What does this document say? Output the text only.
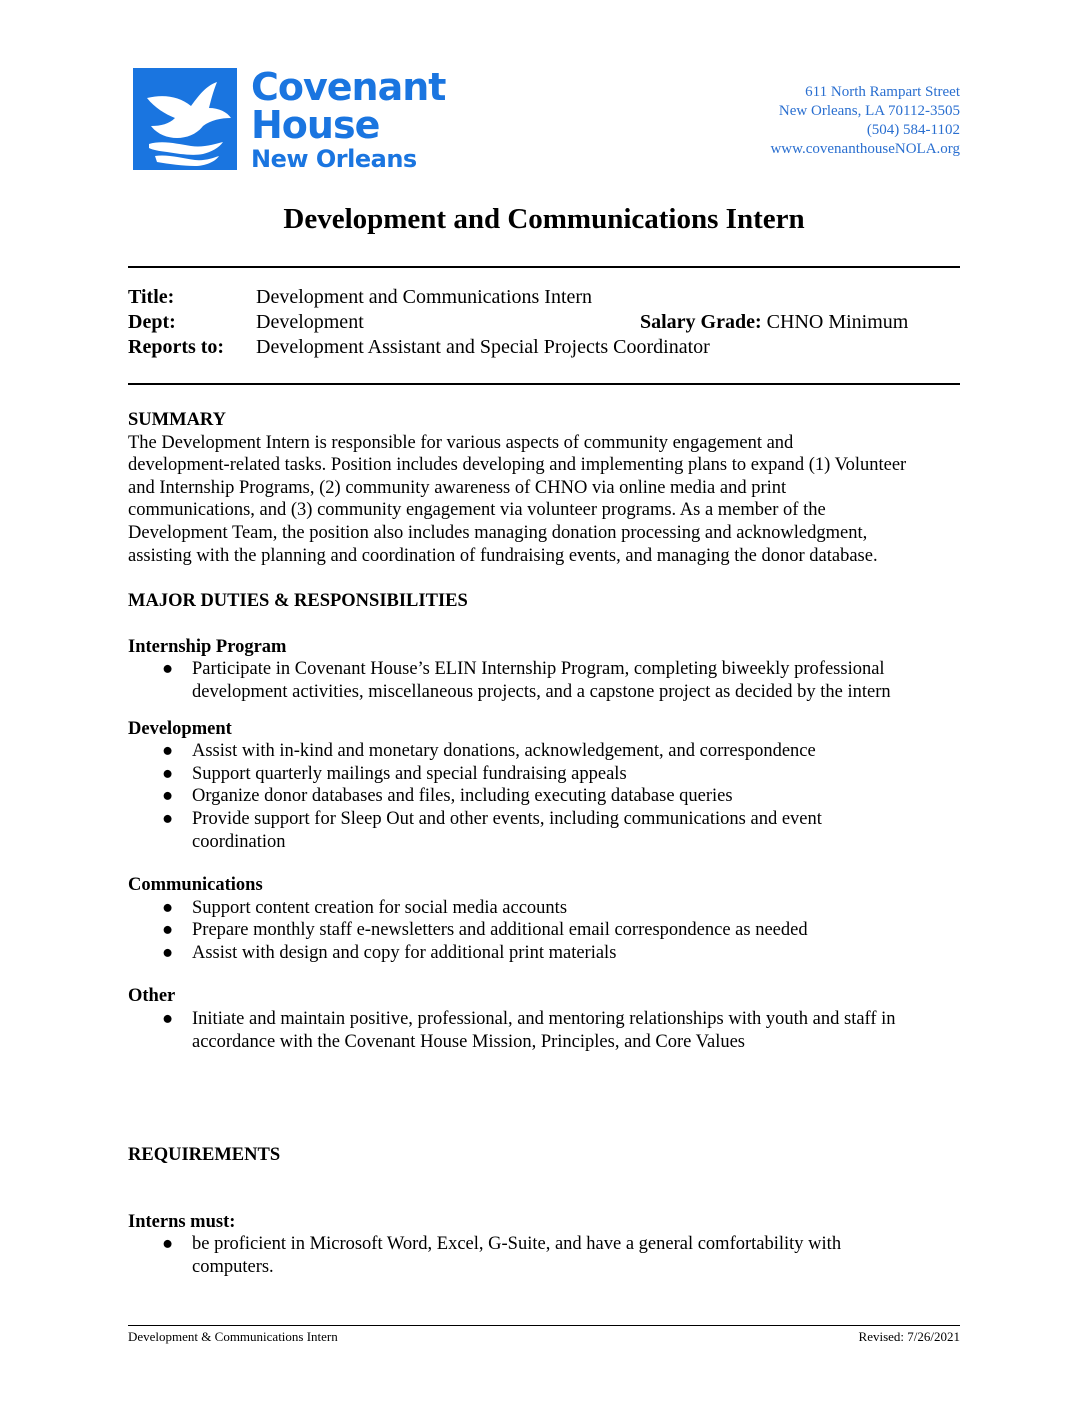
Covenant
House
New Orleans
611 North Rampart Street
New Orleans, LA 70112-3505
(504) 584-1102
www.covenanthouseNOLA.org
Development and Communications Intern
Title:	Development and Communications Intern
Dept:	Development	Salary Grade: CHNO Minimum
Reports to: Development Assistant and Special Projects Coordinator
SUMMARY
The Development Intern is responsible for various aspects of community engagement and
development-related tasks. Position includes developing and implementing plans to expand (1) Volunteer
and Internship Programs, (2) community awareness of CHNO via online media and print
communications, and (3) community engagement via volunteer programs. As a member of the
Development Team, the position also includes managing donation processing and acknowledgment,
assisting with the planning and coordination of fundraising events, and managing the donor database.
MAJOR DUTIES & RESPONSIBILITIES
Internship Program
● Participate in Covenant House’s ELIN Internship Program, completing biweekly professional
development activities, miscellaneous projects, and a capstone project as decided by the intern
Development
● Assist with in-kind and monetary donations, acknowledgement, and correspondence
● Support quarterly mailings and special fundraising appeals
● Organize donor databases and files, including executing database queries
● Provide support for Sleep Out and other events, including communications and event
coordination
Communications
● Support content creation for social media accounts
● Prepare monthly staff e-newsletters and additional email correspondence as needed
● Assist with design and copy for additional print materials
Other
● Initiate and maintain positive, professional, and mentoring relationships with youth and staff in
accordance with the Covenant House Mission, Principles, and Core Values
REQUIREMENTS
Interns must:
● be proficient in Microsoft Word, Excel, G-Suite, and have a general comfortability with
computers.
Development & Communications Intern	Revised: 7/26/2021
